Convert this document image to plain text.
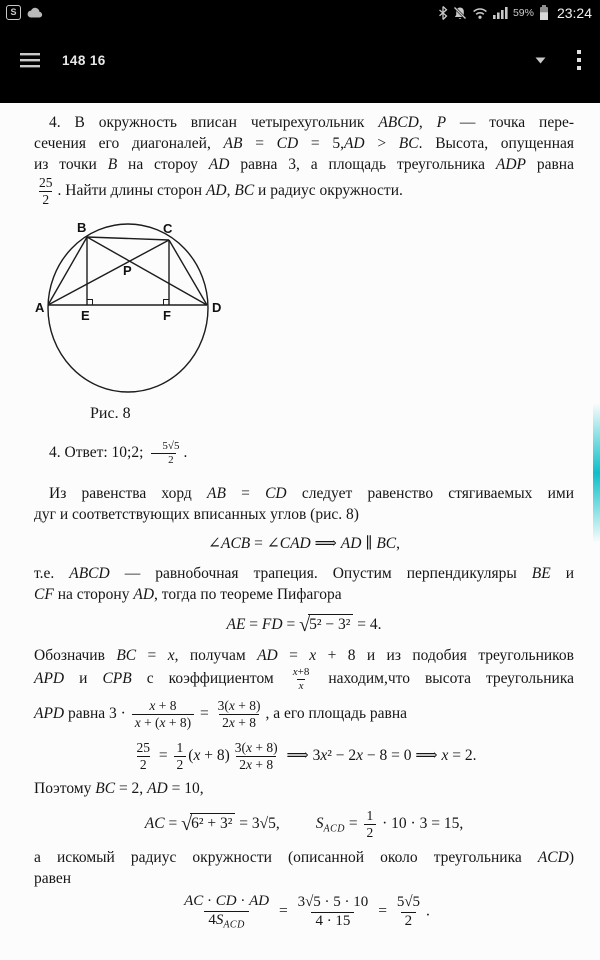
S	59% 23:24
148 16
4. В окружность вписан четырехугольник ABCD, P — точка пере-
сечения его диагоналей, AB = CD = 5,AD > BC. Высота, опущенная
из точки B на стороу AD равна 3, а площадь треугольника ADP равна
$\frac{25}{2}$ . Найти длины сторон AD, BC и радиус окружности.
A
B	C
D
E	F
P
Рис. 8
4. Ответ: 10;2; $\frac{5√5}{2}$ .
Из равенства хорд AB = CD следует равенство стягиваемых ими
дуг и соответствующих вписанных углов (рис. 8)
∠ACB = ∠CAD ⟹ AD ∥ BC,
т.е. ABCD — равнобочная трапеция. Опустим перпендикуляры BE и
CF на сторону AD, тогда по теореме Пифагора
AE = FD = √5² − 3² = 4.
Обозначив BC = x, получам AD = x + 8 и из подобия треугольников
APD и CPB с коэффициентом $\frac{x+8}{x}$ находим,что высота треугольника
APD равна $3 \cdot \frac{x + 8}{x + (x + 8)} = \frac{3(x + 8)}{2x + 8}$ , а его площадь равна
$\frac{25}{2} = \frac{1}{2} (x + 8) \frac{3(x + 8)}{2x + 8}$ ⟹ 3x² − 2x − 8 = 0 ⟹ x = 2.
Поэтому BC = 2, AD = 10,
AC = √6² + 3² = 3√5, $S_{ACD} = \frac{1}{2} \cdot 10 \cdot 3 = 15$,
а искомый радиус окружности (описанной около треугольника ACD)
равен
$\frac{AC \cdot CD \cdot AD}{4S_{ACD}} = \frac{3√5 \cdot 5 \cdot 10}{4 \cdot 15} = \frac{5√5}{2}$ .
